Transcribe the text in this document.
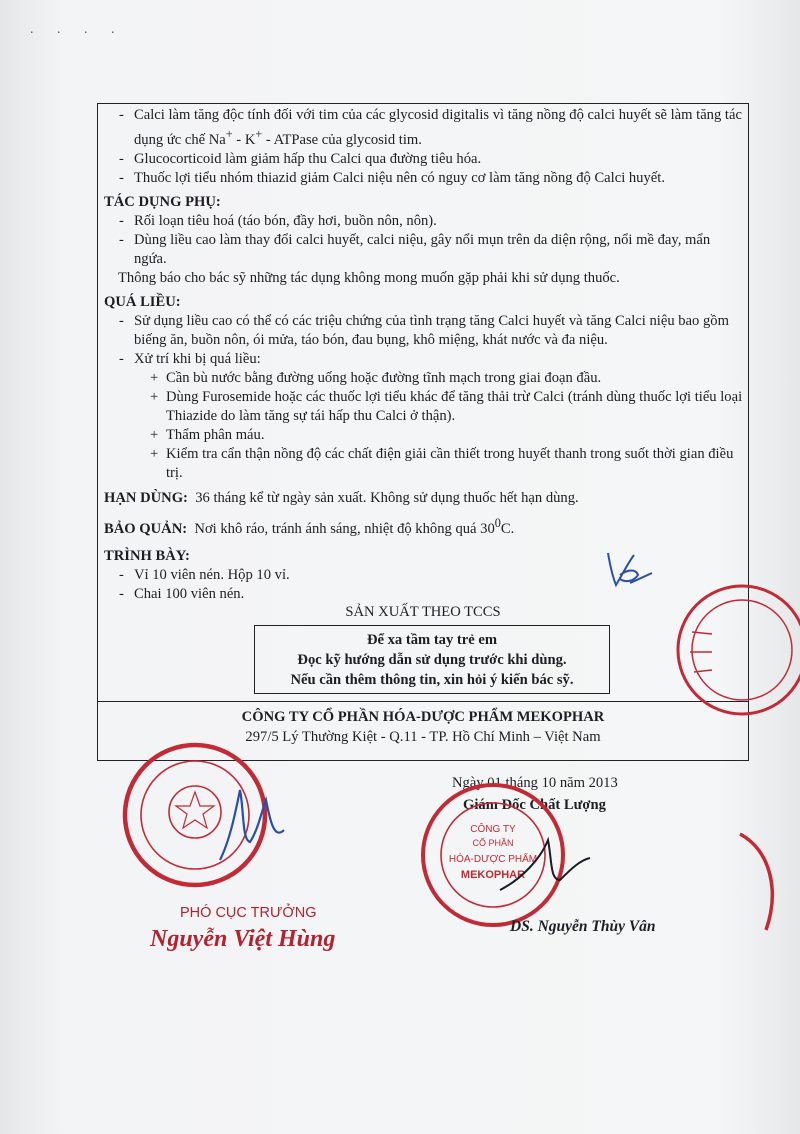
. . . .
- Calci làm tăng độc tính đối với tim của các glycosid digitalis vì tăng nồng độ calci huyết sẽ làm tăng tác dụng ức chế Na+ - K+ - ATPase của glycosid tim.
- Glucocorticoid làm giảm hấp thu Calci qua đường tiêu hóa.
- Thuốc lợi tiểu nhóm thiazid giảm Calci niệu nên có nguy cơ làm tăng nồng độ Calci huyết.
TÁC DỤNG PHỤ:
- Rối loạn tiêu hoá (táo bón, đầy hơi, buồn nôn, nôn).
- Dùng liều cao làm thay đổi calci huyết, calci niệu, gây nổi mụn trên da diện rộng, nổi mề đay, mẩn ngứa.
Thông báo cho bác sỹ những tác dụng không mong muốn gặp phải khi sử dụng thuốc.
QUÁ LIỀU:
- Sử dụng liều cao có thể có các triệu chứng của tình trạng tăng Calci huyết và tăng Calci niệu bao gồm biếng ăn, buồn nôn, ói mửa, táo bón, đau bụng, khô miệng, khát nước và đa niệu.
- Xử trí khi bị quá liều:
+ Cần bù nước bằng đường uống hoặc đường tĩnh mạch trong giai đoạn đầu.
+ Dùng Furosemide hoặc các thuốc lợi tiểu khác để tăng thải trừ Calci (tránh dùng thuốc lợi tiểu loại Thiazide do làm tăng sự tái hấp thu Calci ở thận).
+ Thẩm phân máu.
+ Kiểm tra cẩn thận nồng độ các chất điện giải cần thiết trong huyết thanh trong suốt thời gian điều trị.
HẠN DÙNG: 36 tháng kể từ ngày sản xuất. Không sử dụng thuốc hết hạn dùng.
BẢO QUẢN: Nơi khô ráo, tránh ánh sáng, nhiệt độ không quá $30^0C$.
TRÌNH BÀY:
- Vỉ 10 viên nén. Hộp 10 vỉ.
- Chai 100 viên nén.
SẢN XUẤT THEO TCCS
Để xa tầm tay trẻ em
Đọc kỹ hướng dẫn sử dụng trước khi dùng.
Nếu cần thêm thông tin, xin hỏi ý kiến bác sỹ.
CÔNG TY CỔ PHẦN HÓA-DƯỢC PHẨM MEKOPHAR
297/5 Lý Thường Kiệt - Q.11 - TP. Hồ Chí Minh – Việt Nam
Ngày 01 tháng 10 năm 2013
Giám Đốc Chất Lượng
CÔNG TY
CỔ PHẦN
HÓA-DƯỢC PHẨM
MEKOPHAR
DS. Nguyễn Thùy Vân
PHÓ CỤC TRƯỞNG
Nguyễn Việt Hùng
